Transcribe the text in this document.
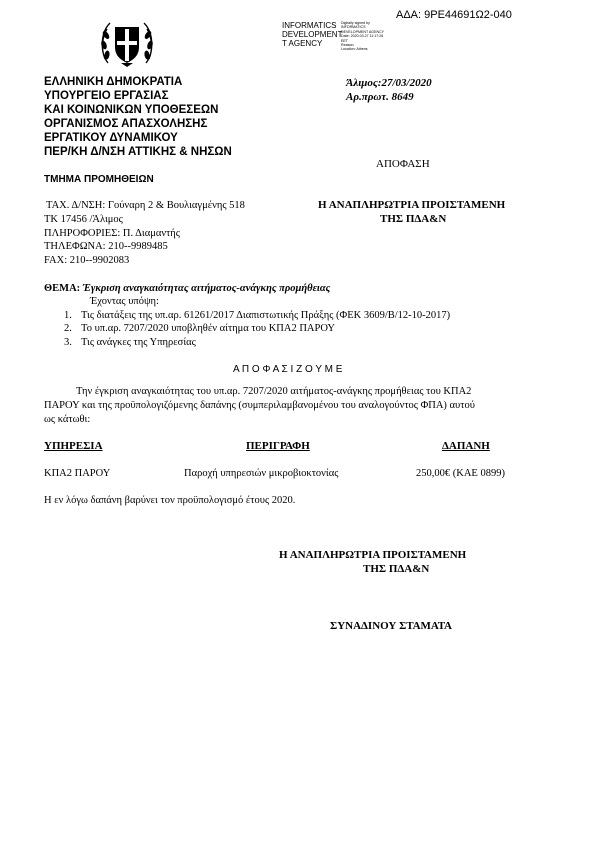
ΑΔΑ: 9ΡΕ44691Ω2-040
INFORMATICS
DEVELOPMENT
T AGENCY
Digitally signed by
INFORMATICS
DEVELOPMENT AGENCY
Date: 2020.03.27 11:17:26
EET
Reason:
Location: Athens
ΕΛΛΗΝΙΚΗ ΔΗΜΟΚΡΑΤΙΑ
ΥΠΟΥΡΓΕΙΟ ΕΡΓΑΣΙΑΣ
ΚΑΙ ΚΟΙΝΩΝΙΚΩΝ ΥΠΟΘΕΣΕΩΝ
ΟΡΓΑΝΙΣΜΟΣ ΑΠΑΣΧΟΛΗΣΗΣ
ΕΡΓΑΤΙΚΟΥ ΔΥΝΑΜΙΚΟΥ
ΠΕΡ/ΚΗ Δ/ΝΣΗ ΑΤΤΙΚΗΣ & ΝΗΣΩΝ
ΤΜΗΜΑ ΠΡΟΜΗΘΕΙΩΝ
Άλιμος:27/03/2020
Αρ.πρωτ. 8649
ΑΠΟΦΑΣΗ
ΤΑΧ. Δ/ΝΣΗ: Γούναρη 2 & Βουλιαγμένης 518
ΤΚ 17456 /Άλιμος
ΠΛΗΡΟΦΟΡΙΕΣ: Π. Διαμαντής
ΤΗΛΕΦΩΝΑ: 210--9989485
FAX: 210--9902083
Η ΑΝΑΠΛΗΡΩΤΡΙΑ ΠΡΟΙΣΤΑΜΕΝΗ
ΤΗΣ ΠΔΑ&Ν
ΘΕΜΑ: Έγκριση αναγκαιότητας αιτήματος-ανάγκης προμήθειας
Έχοντας υπόψη:
1. Τις διατάξεις της υπ.αρ. 61261/2017 Διαπιστωτικής Πράξης (ΦΕΚ 3609/Β/12-10-2017)
2. Το υπ.αρ. 7207/2020 υποβληθέν αίτημα του ΚΠΑ2 ΠΑΡΟΥ
3. Τις ανάγκες της Υπηρεσίας
Α Π Ο Φ Α Σ Ι Ζ Ο Υ Μ Ε
Την έγκριση αναγκαιότητας του υπ.αρ. 7207/2020 αιτήματος-ανάγκης προμήθειας του ΚΠΑ2
ΠΑΡΟΥ και της προϋπολογιζόμενης δαπάνης (συμπεριλαμβανομένου του αναλογούντος ΦΠΑ) αυτού
ως κάτωθι:
ΥΠΗΡΕΣΙΑ	ΠΕΡΙΓΡΑΦΗ	ΔΑΠΑΝΗ
ΚΠΑ2 ΠΑΡΟΥ	Παροχή υπηρεσιών μικροβιοκτονίας	250,00€ (ΚΑΕ 0899)
Η εν λόγω δαπάνη βαρύνει τον προϋπολογισμό έτους 2020.
Η ΑΝΑΠΛΗΡΩΤΡΙΑ ΠΡΟΙΣΤΑΜΕΝΗ
ΤΗΣ ΠΔΑ&Ν
ΣΥΝΑΔΙΝΟΥ ΣΤΑΜΑΤΑ
